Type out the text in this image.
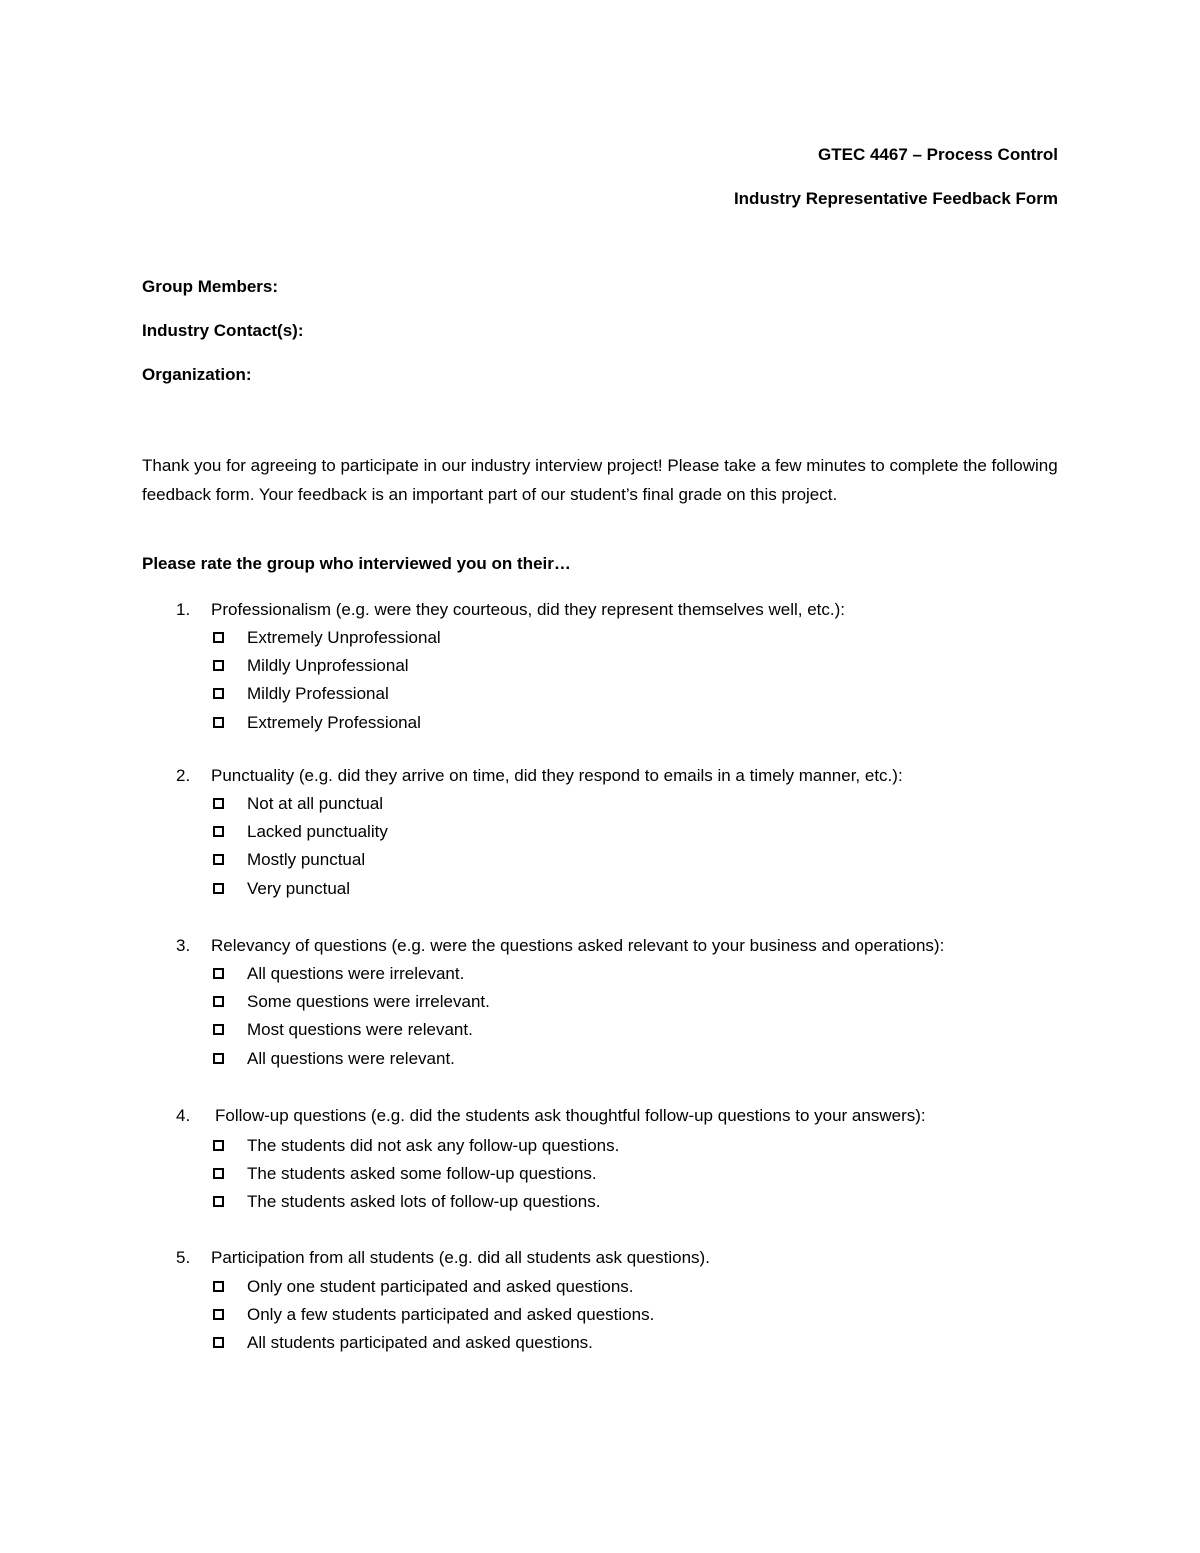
GTEC 4467 – Process Control
Industry Representative Feedback Form
Group Members:
Industry Contact(s):
Organization:
Thank you for agreeing to participate in our industry interview project! Please take a few minutes to complete the following feedback form. Your feedback is an important part of our student’s final grade on this project.
Please rate the group who interviewed you on their…
1. Professionalism (e.g. were they courteous, did they represent themselves well, etc.):
Extremely Unprofessional
Mildly Unprofessional
Mildly Professional
Extremely Professional
2. Punctuality (e.g. did they arrive on time, did they respond to emails in a timely manner, etc.):
Not at all punctual
Lacked punctuality
Mostly punctual
Very punctual
3. Relevancy of questions (e.g. were the questions asked relevant to your business and operations):
All questions were irrelevant.
Some questions were irrelevant.
Most questions were relevant.
All questions were relevant.
4. Follow-up questions (e.g. did the students ask thoughtful follow-up questions to your answers):
The students did not ask any follow-up questions.
The students asked some follow-up questions.
The students asked lots of follow-up questions.
5. Participation from all students (e.g. did all students ask questions).
Only one student participated and asked questions.
Only a few students participated and asked questions.
All students participated and asked questions.
